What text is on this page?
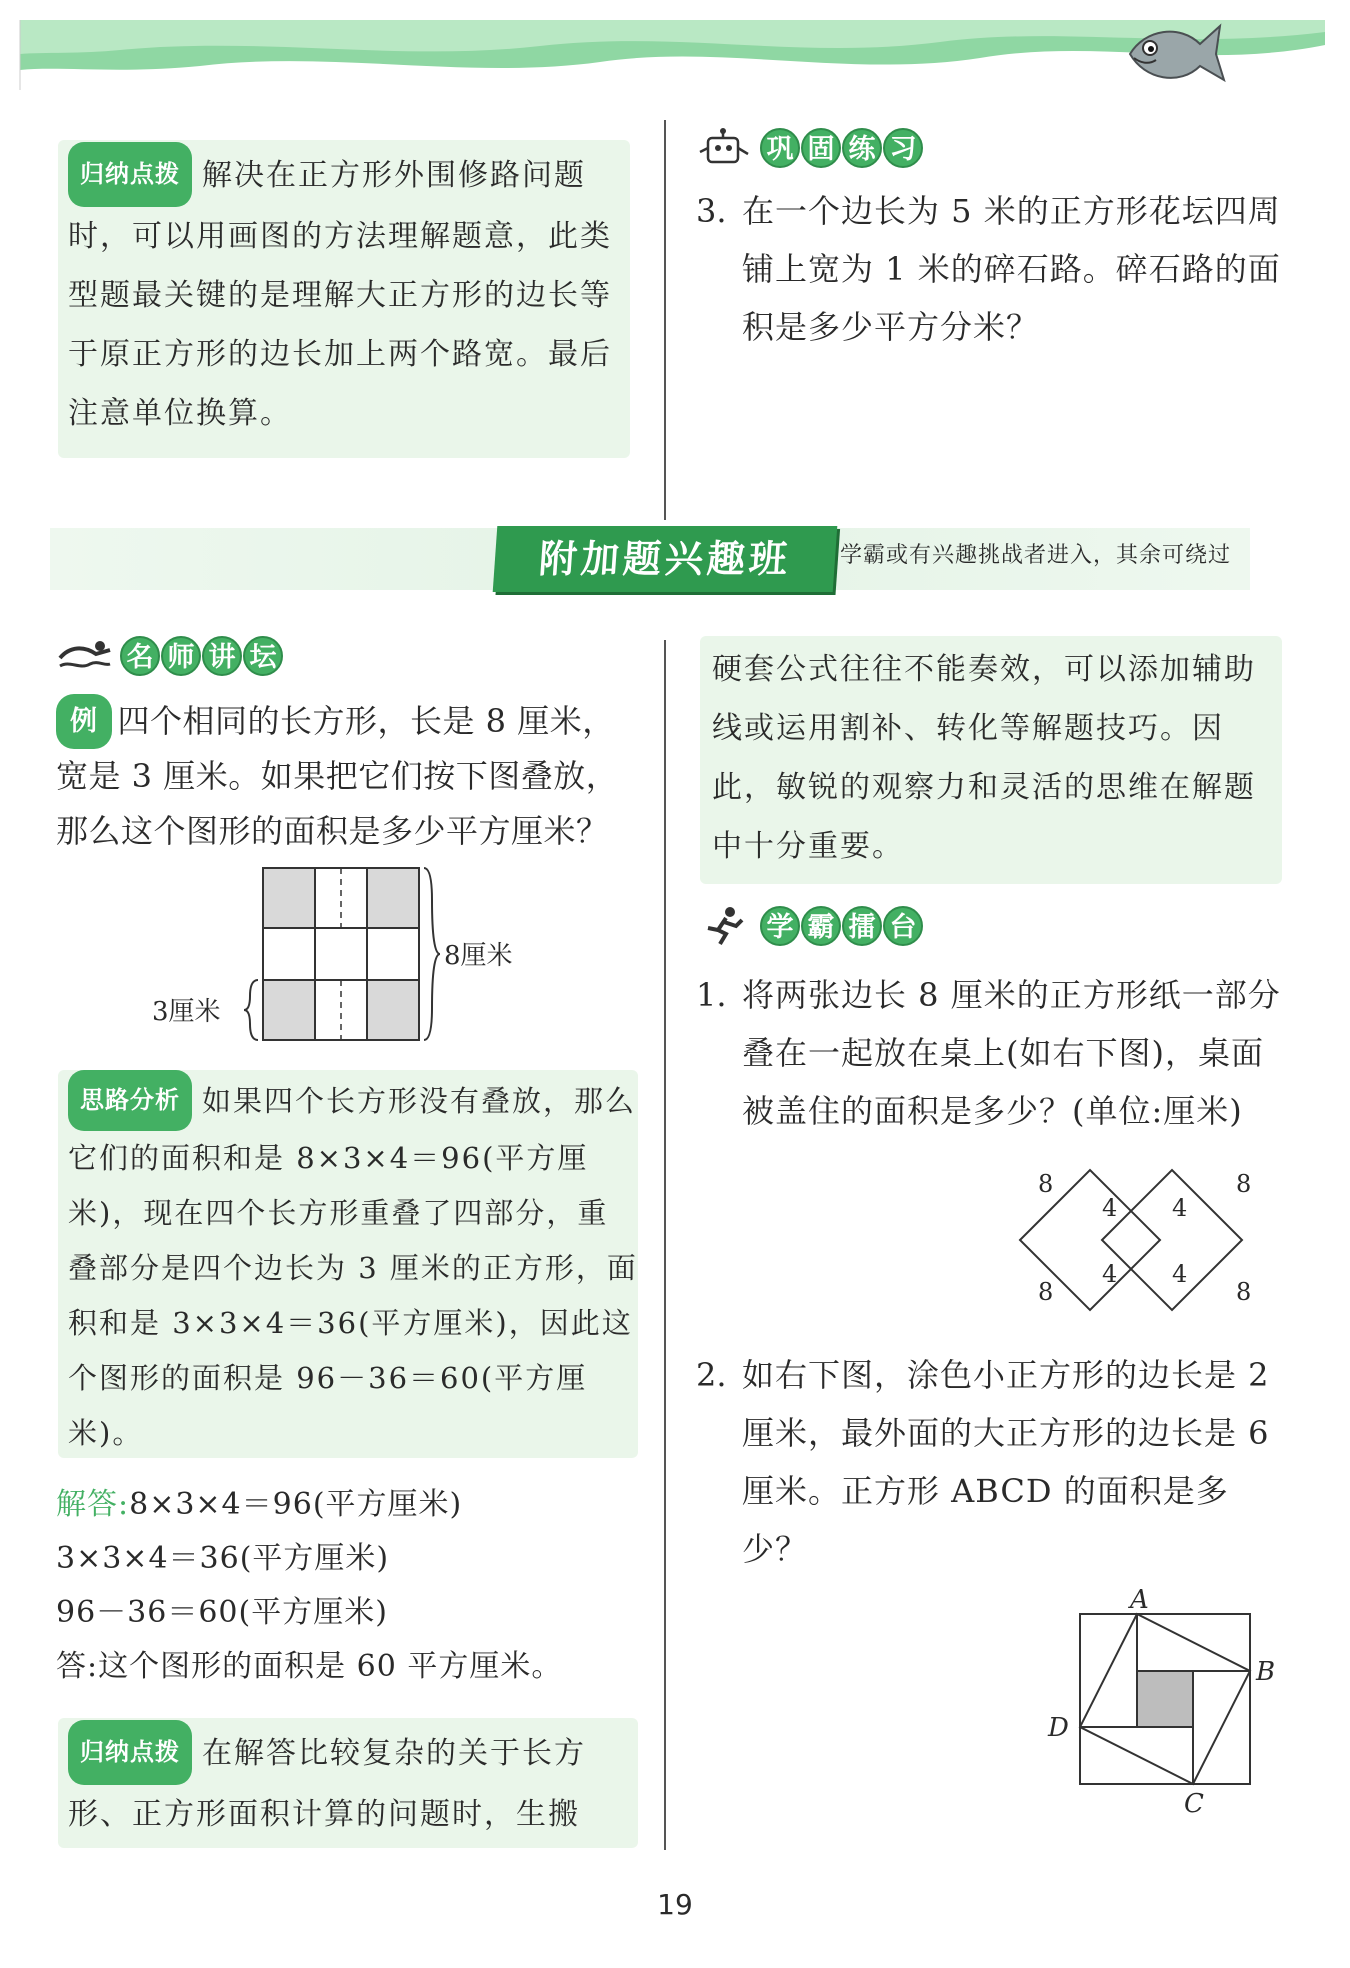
归纳点拨 解决在正方形外围修路问题时，可以用画图的方法理解题意，此类型题最关键的是理解大正方形的边长等于原正方形的边长加上两个路宽。最后注意单位换算。
巩 固 练 习
3. 在一个边长为 5 米的正方形花坛四周铺上宽为 1 米的碎石路。碎石路的面积是多少平方分米？
附加题兴趣班	学霸或有兴趣挑战者进入，其余可绕过
名 师 讲 坛
例 四个相同的长方形，长是 8 厘米，宽是 3 厘米。如果把它们按下图叠放，那么这个图形的面积是多少平方厘米？
8厘米
3厘米
思路分析 如果四个长方形没有叠放，那么它们的面积和是 8×3×4＝96(平方厘米)，现在四个长方形重叠了四部分，重叠部分是四个边长为 3 厘米的正方形，面积和是 3×3×4＝36(平方厘米)，因此这个图形的面积是 96－36＝60(平方厘米)。
解答:8×3×4＝96(平方厘米)
3×3×4＝36(平方厘米)
96－36＝60(平方厘米)
答:这个图形的面积是 60 平方厘米。
归纳点拨 在解答比较复杂的关于长方形、正方形面积计算的问题时，生搬
硬套公式往往不能奏效，可以添加辅助线或运用割补、转化等解题技巧。因此，敏锐的观察力和灵活的思维在解题中十分重要。
学 霸 擂 台
1. 将两张边长 8 厘米的正方形纸一部分叠在一起放在桌上(如右下图)，桌面被盖住的面积是多少？(单位:厘米)
8
4 4
8
8
4 4
8
2. 如右下图，涂色小正方形的边长是 2 厘米，最外面的大正方形的边长是 6 厘米。正方形 ABCD 的面积是多少？
A
B
C
D
19
